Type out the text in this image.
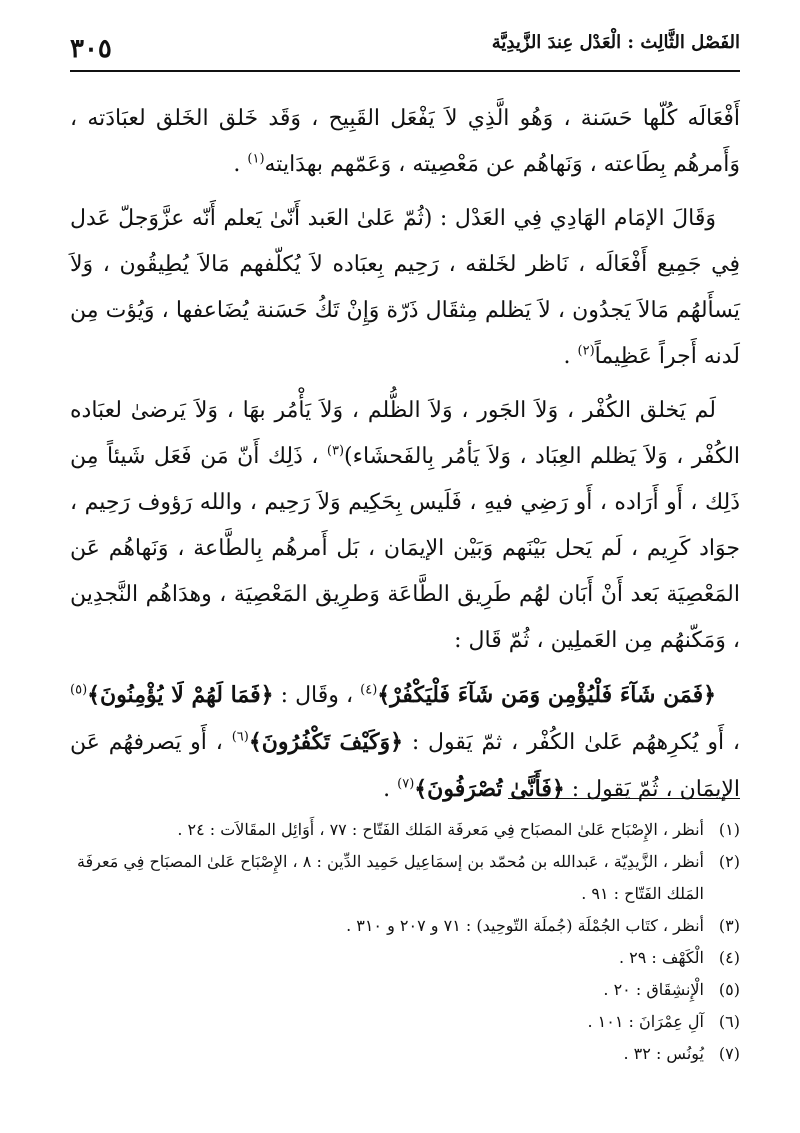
٣٠٥	الفَصْل الثَّالِث : الْعَدْل عِندَ الزَّيدِيَّة

أَفْعَالَه كُلّها حَسَنة ، وَهُو الَّذِي لاَ يَفْعَل القَبِيح ، وَقَد خَلق الخَلق لعبَادَته ، وَأَمرهُم بِطَاعته ، وَنَهاهُم عن مَعْصِيته ، وَعَمّهم بهدَايته$^{(١)}$ .

وَقَالَ الإمَام الهَادِي فِي العَدْل : (ثُمّ عَلىٰ العَبد أَنّىٰ يَعلم أَنّه عزَّوَجلّ عَدل فِي جَمِيع أَفْعَالَه ، نَاظر لخَلقه ، رَحِيم بِعبَاده لاَ يُكلّفهم مَالاَ يُطِيقُون ، وَلاَ يَسأَلهُم مَالاَ يَجدُون ، لاَ يَظلم مِثقَال ذَرّة وَإِنْ تَكُ حَسَنة يُضَاعفها ، وَيُؤت مِن لَدنه أَجراً عَظِيماً$^{(٢)}$ .

لَم يَخلق الكُفْر ، وَلاَ الجَور ، وَلاَ الظُّلم ، وَلاَ يَأْمُر بهَا ، وَلاَ يَرضىٰ لعبَاده الكُفْر ، وَلاَ يَظلم العِبَاد ، وَلاَ يَأمُر بِالفَحشَاء)$^{(٣)}$ ، ذَلِك أَنّ مَن فَعَل شَيئاً مِن ذَلِك ، أَو أَرَاده ، أَو رَضِي فيهِ ، فَلَيس بِحَكِيم وَلاَ رَحِيم ، والله رَؤوف رَحِيم ، جوَاد كَرِيم ، لَم يَحل بَيْنَهم وَبَيْن الإيمَان ، بَل أَمرهُم بِالطَّاعة ، وَنَهاهُم عَن المَعْصِيَة بَعد أَنْ أَبَان لهُم طَرِيق الطَّاعَة وَطرِيق المَعْصِيَة ، وهدَاهُم النَّجدِين ، وَمَكّنهُم مِن العَملِين ، ثُمّ قَال :

﴿فَمَن شَآءَ فَلْيُؤْمِن وَمَن شَآءَ فَلْيَكْفُرْ﴾$^{(٤)}$ ، وقَال : ﴿فَمَا لَهُمْ لَا يُؤْمِنُونَ﴾$^{(٥)}$ ، أَو يُكرِههُم عَلىٰ الكُفْر ، ثمّ يَقول : ﴿وَكَيْفَ تَكْفُرُونَ﴾$^{(٦)}$ ، أَو يَصرفهُم عَن الإيمَان ، ثُمّ يَقول : ﴿فَأَنَّىٰ تُصْرَفُونَ﴾$^{(٧)}$ .

(١)
أنظر ، الإِصْبَاح عَلىٰ المصبَاح فِي مَعرفَة المَلك الفَتّاح : ٧٧ ، أَوَائِل المقَالاَت : ٢٤ .
(٢)
أنظر ، الزَّيدِيّة ، عَبدالله بن مُحمّد بن إسمَاعِيل حَمِيد الدِّين : ٨ ، الإِصْبَاح عَلىٰ المصبَاح فِي مَعرفَة المَلك الفَتّاح : ٩١ .
(٣)
أنظر ، كتَاب الجُمْلَة (جُملَة التّوحِيد) : ٧١ و ٢٠٧ و ٣١٠ .
(٤)
الْكَهْف : ٢٩ .
(٥)
الْإِنشِقَاق : ٢٠ .
(٦)
آلِ عِمْرَانَ : ١٠١ .
(٧)
يُونُس : ٣٢ .
